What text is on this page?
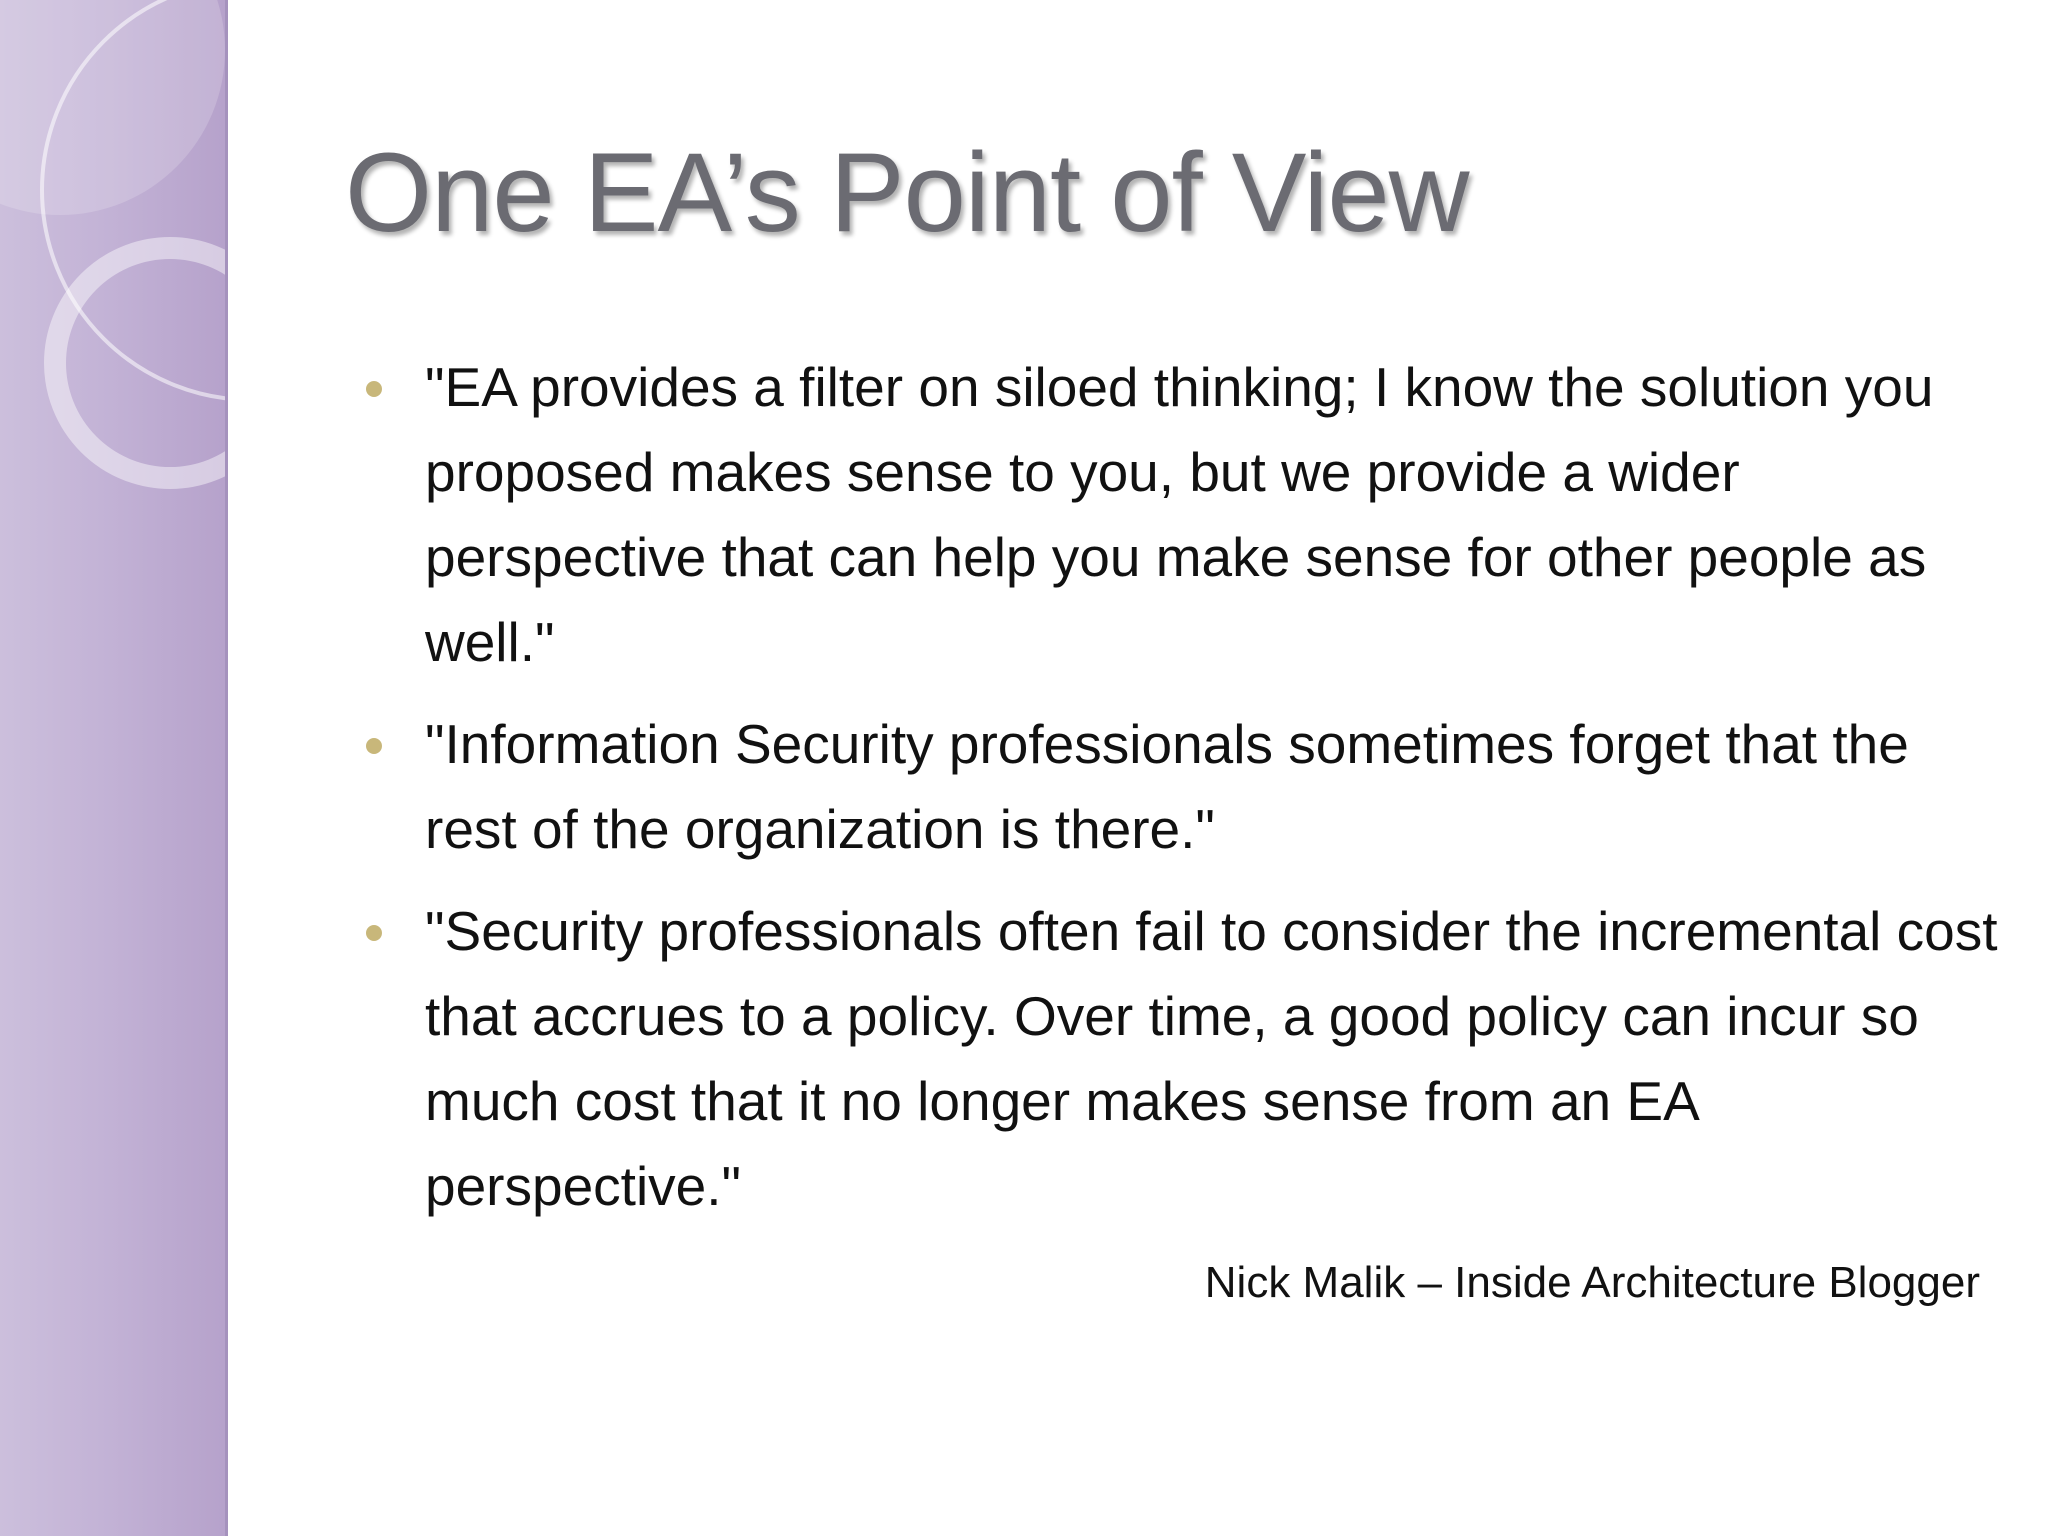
One EA’s Point of View
"EA provides a filter on siloed thinking; I know the solution you proposed makes sense to you, but we provide a wider perspective that can help you make sense for other people as well."
"Information Security professionals sometimes forget that the rest of the organization is there."
"Security professionals often fail to consider the incremental cost that accrues to a policy. Over time, a good policy can incur so much cost that it no longer makes sense from an EA perspective."

Nick Malik – Inside Architecture Blogger
